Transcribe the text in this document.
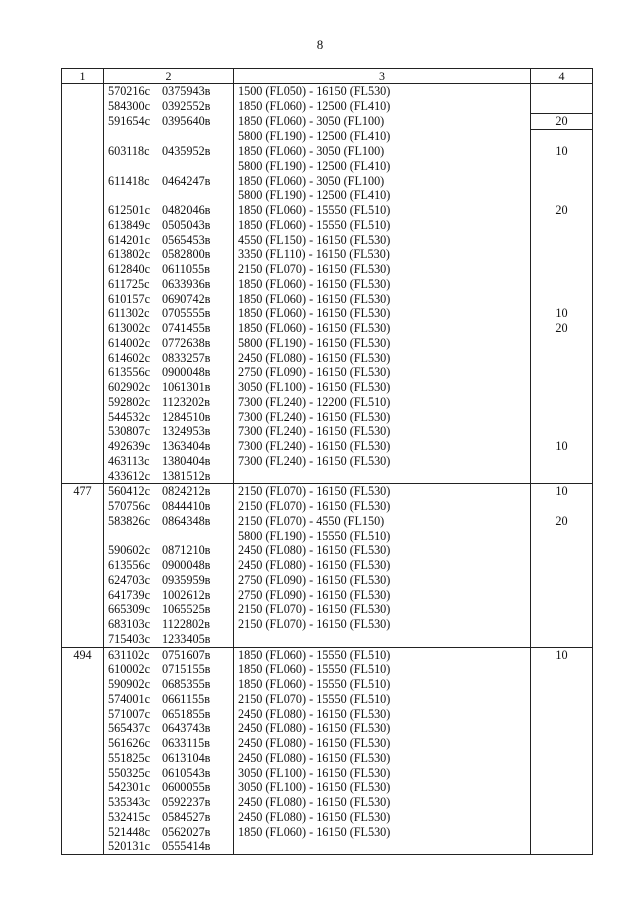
8
1	2	3	4
	570216с 0375943в	1500 (FL050) - 16150 (FL530)	
	584300с 0392552в	1850 (FL060) - 12500 (FL410)	
	591654с 0395640в	1850 (FL060) - 3050 (FL100)	20
		5800 (FL190) - 12500 (FL410)	
	603118с 0435952в	1850 (FL060) - 3050 (FL100)	10
		5800 (FL190) - 12500 (FL410)	
	611418с 0464247в	1850 (FL060) - 3050 (FL100)	
		5800 (FL190) - 12500 (FL410)	
	612501с 0482046в	1850 (FL060) - 15550 (FL510)	20
	613849с 0505043в	1850 (FL060) - 15550 (FL510)	
	614201с 0565453в	4550 (FL150) - 16150 (FL530)	
	613802с 0582800в	3350 (FL110) - 16150 (FL530)	
	612840с 0611055в	2150 (FL070) - 16150 (FL530)	
	611725с 0633936в	1850 (FL060) - 16150 (FL530)	
	610157с 0690742в	1850 (FL060) - 16150 (FL530)	
	611302с 0705555в	1850 (FL060) - 16150 (FL530)	10
	613002с 0741455в	1850 (FL060) - 16150 (FL530)	20
	614002с 0772638в	5800 (FL190) - 16150 (FL530)	
	614602с 0833257в	2450 (FL080) - 16150 (FL530)	
	613556с 0900048в	2750 (FL090) - 16150 (FL530)	
	602902с 1061301в	3050 (FL100) - 16150 (FL530)	
	592802с 1123202в	7300 (FL240) - 12200 (FL510)	
	544532с 1284510в	7300 (FL240) - 16150 (FL530)	
	530807с 1324953в	7300 (FL240) - 16150 (FL530)	
	492639с 1363404в	7300 (FL240) - 16150 (FL530)	10
	463113с 1380404в	7300 (FL240) - 16150 (FL530)	
	433612с 1381512в		
477	560412с 0824212в	2150 (FL070) - 16150 (FL530)	10
	570756с 0844410в	2150 (FL070) - 16150 (FL530)	
	583826с 0864348в	2150 (FL070) - 4550 (FL150)	20
		5800 (FL190) - 15550 (FL510)	
	590602с 0871210в	2450 (FL080) - 16150 (FL530)	
	613556с 0900048в	2450 (FL080) - 16150 (FL530)	
	624703с 0935959в	2750 (FL090) - 16150 (FL530)	
	641739с 1002612в	2750 (FL090) - 16150 (FL530)	
	665309с 1065525в	2150 (FL070) - 16150 (FL530)	
	683103с 1122802в	2150 (FL070) - 16150 (FL530)	
	715403с 1233405в		
494	631102с 0751607в	1850 (FL060) - 15550 (FL510)	10
	610002с 0715155в	1850 (FL060) - 15550 (FL510)	
	590902с 0685355в	1850 (FL060) - 15550 (FL510)	
	574001с 0661155в	2150 (FL070) - 15550 (FL510)	
	571007с 0651855в	2450 (FL080) - 16150 (FL530)	
	565437с 0643743в	2450 (FL080) - 16150 (FL530)	
	561626с 0633115в	2450 (FL080) - 16150 (FL530)	
	551825с 0613104в	2450 (FL080) - 16150 (FL530)	
	550325с 0610543в	3050 (FL100) - 16150 (FL530)	
	542301с 0600055в	3050 (FL100) - 16150 (FL530)	
	535343с 0592237в	2450 (FL080) - 16150 (FL530)	
	532415с 0584527в	2450 (FL080) - 16150 (FL530)	
	521448с 0562027в	1850 (FL060) - 16150 (FL530)	
	520131с 0555414в		
